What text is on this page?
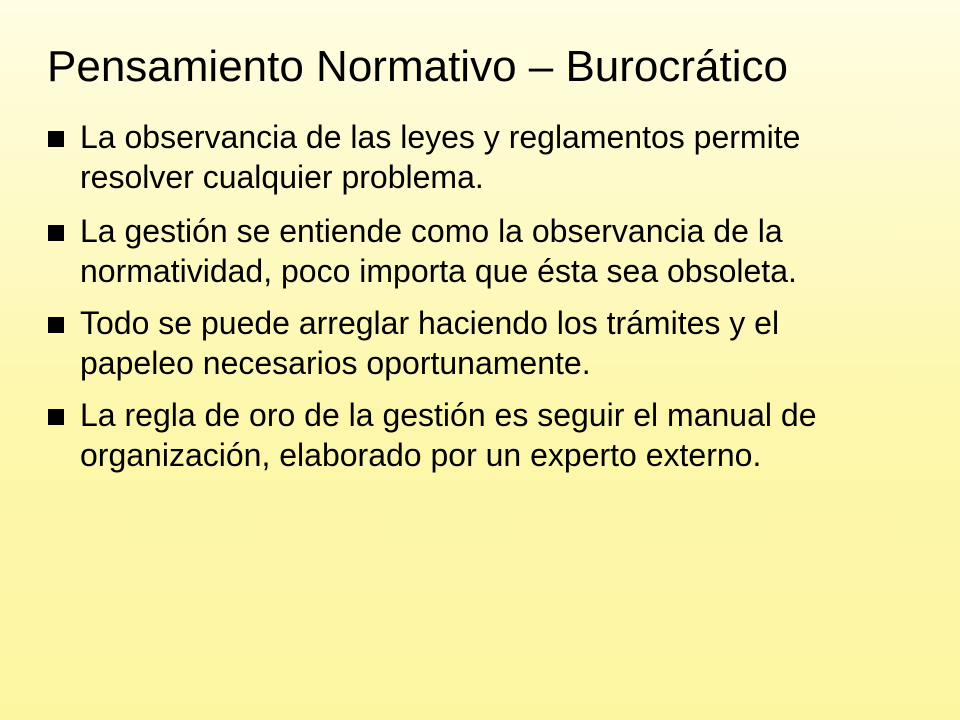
Pensamiento Normativo – Burocrático
La observancia de las leyes y reglamentos permite resolver cualquier problema.
La gestión se entiende como la observancia de la normatividad, poco importa que ésta sea obsoleta.
Todo se puede arreglar haciendo los trámites y el papeleo necesarios oportunamente.
La regla de oro de la gestión es seguir el manual de organización, elaborado por un experto externo.
